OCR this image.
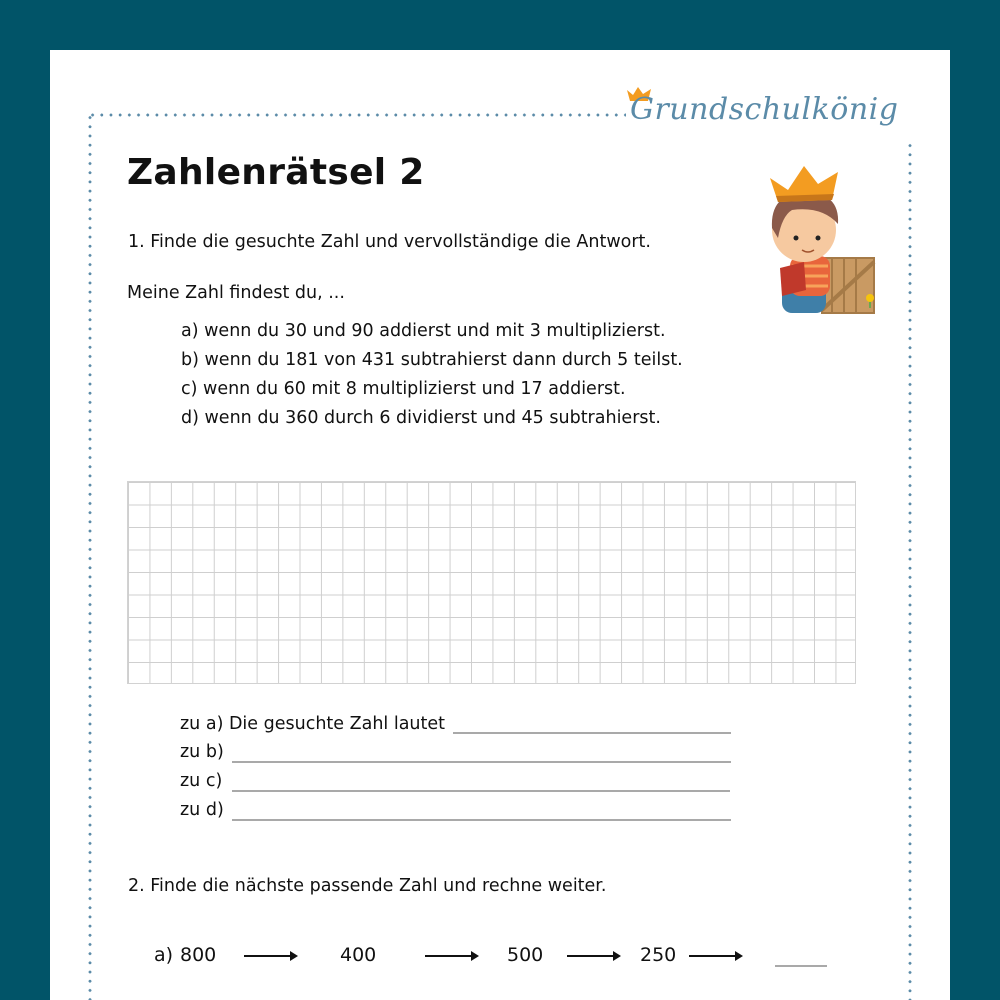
Grundschulkönig
Zahlenrätsel 2
1. Finde die gesuchte Zahl und vervollständige die Antwort.
Meine Zahl findest du, ...
a) wenn du 30 und 90 addierst und mit 3 multiplizierst.
b) wenn du 181 von 431 subtrahierst dann durch 5 teilst.
c) wenn du 60 mit 8 multiplizierst und 17 addierst.
d) wenn du 360 durch 6 dividierst und 45 subtrahierst.
zu a) Die gesuchte Zahl lautet
zu b)
zu c)
zu d)
2. Finde die nächste passende Zahl und rechne weiter.
a) 800	400	500	250
